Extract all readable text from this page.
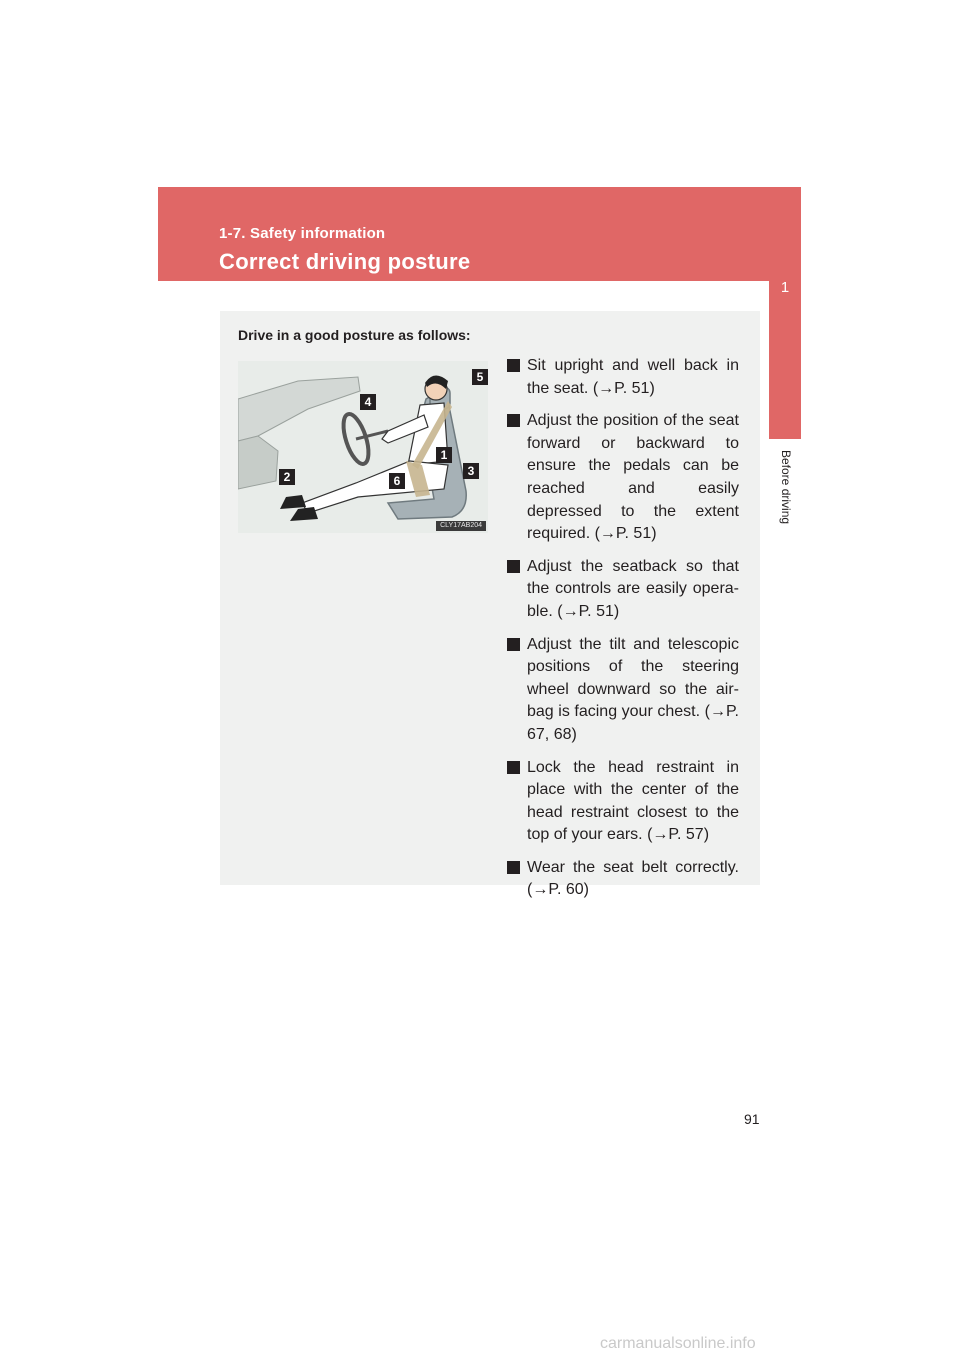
1-7. Safety information
Correct driving posture
1
Before driving
Drive in a good posture as follows:
1
2	3
4
5
6
CLY17AB204
Sit upright and well back in the seat. (→P. 51)
Adjust the position of the seat forward or backward to ensure the pedals can be reached and easily depressed to the extent required. (→P. 51)
Adjust the seatback so that the controls are easily opera-ble. (→P. 51)
Adjust the tilt and telescopic positions of the steering wheel downward so the air-bag is facing your chest. (→P. 67, 68)
Lock the head restraint in place with the center of the head restraint closest to the top of your ears. (→P. 57)
Wear the seat belt correctly. (→P. 60)
91
carmanualsonline.info
